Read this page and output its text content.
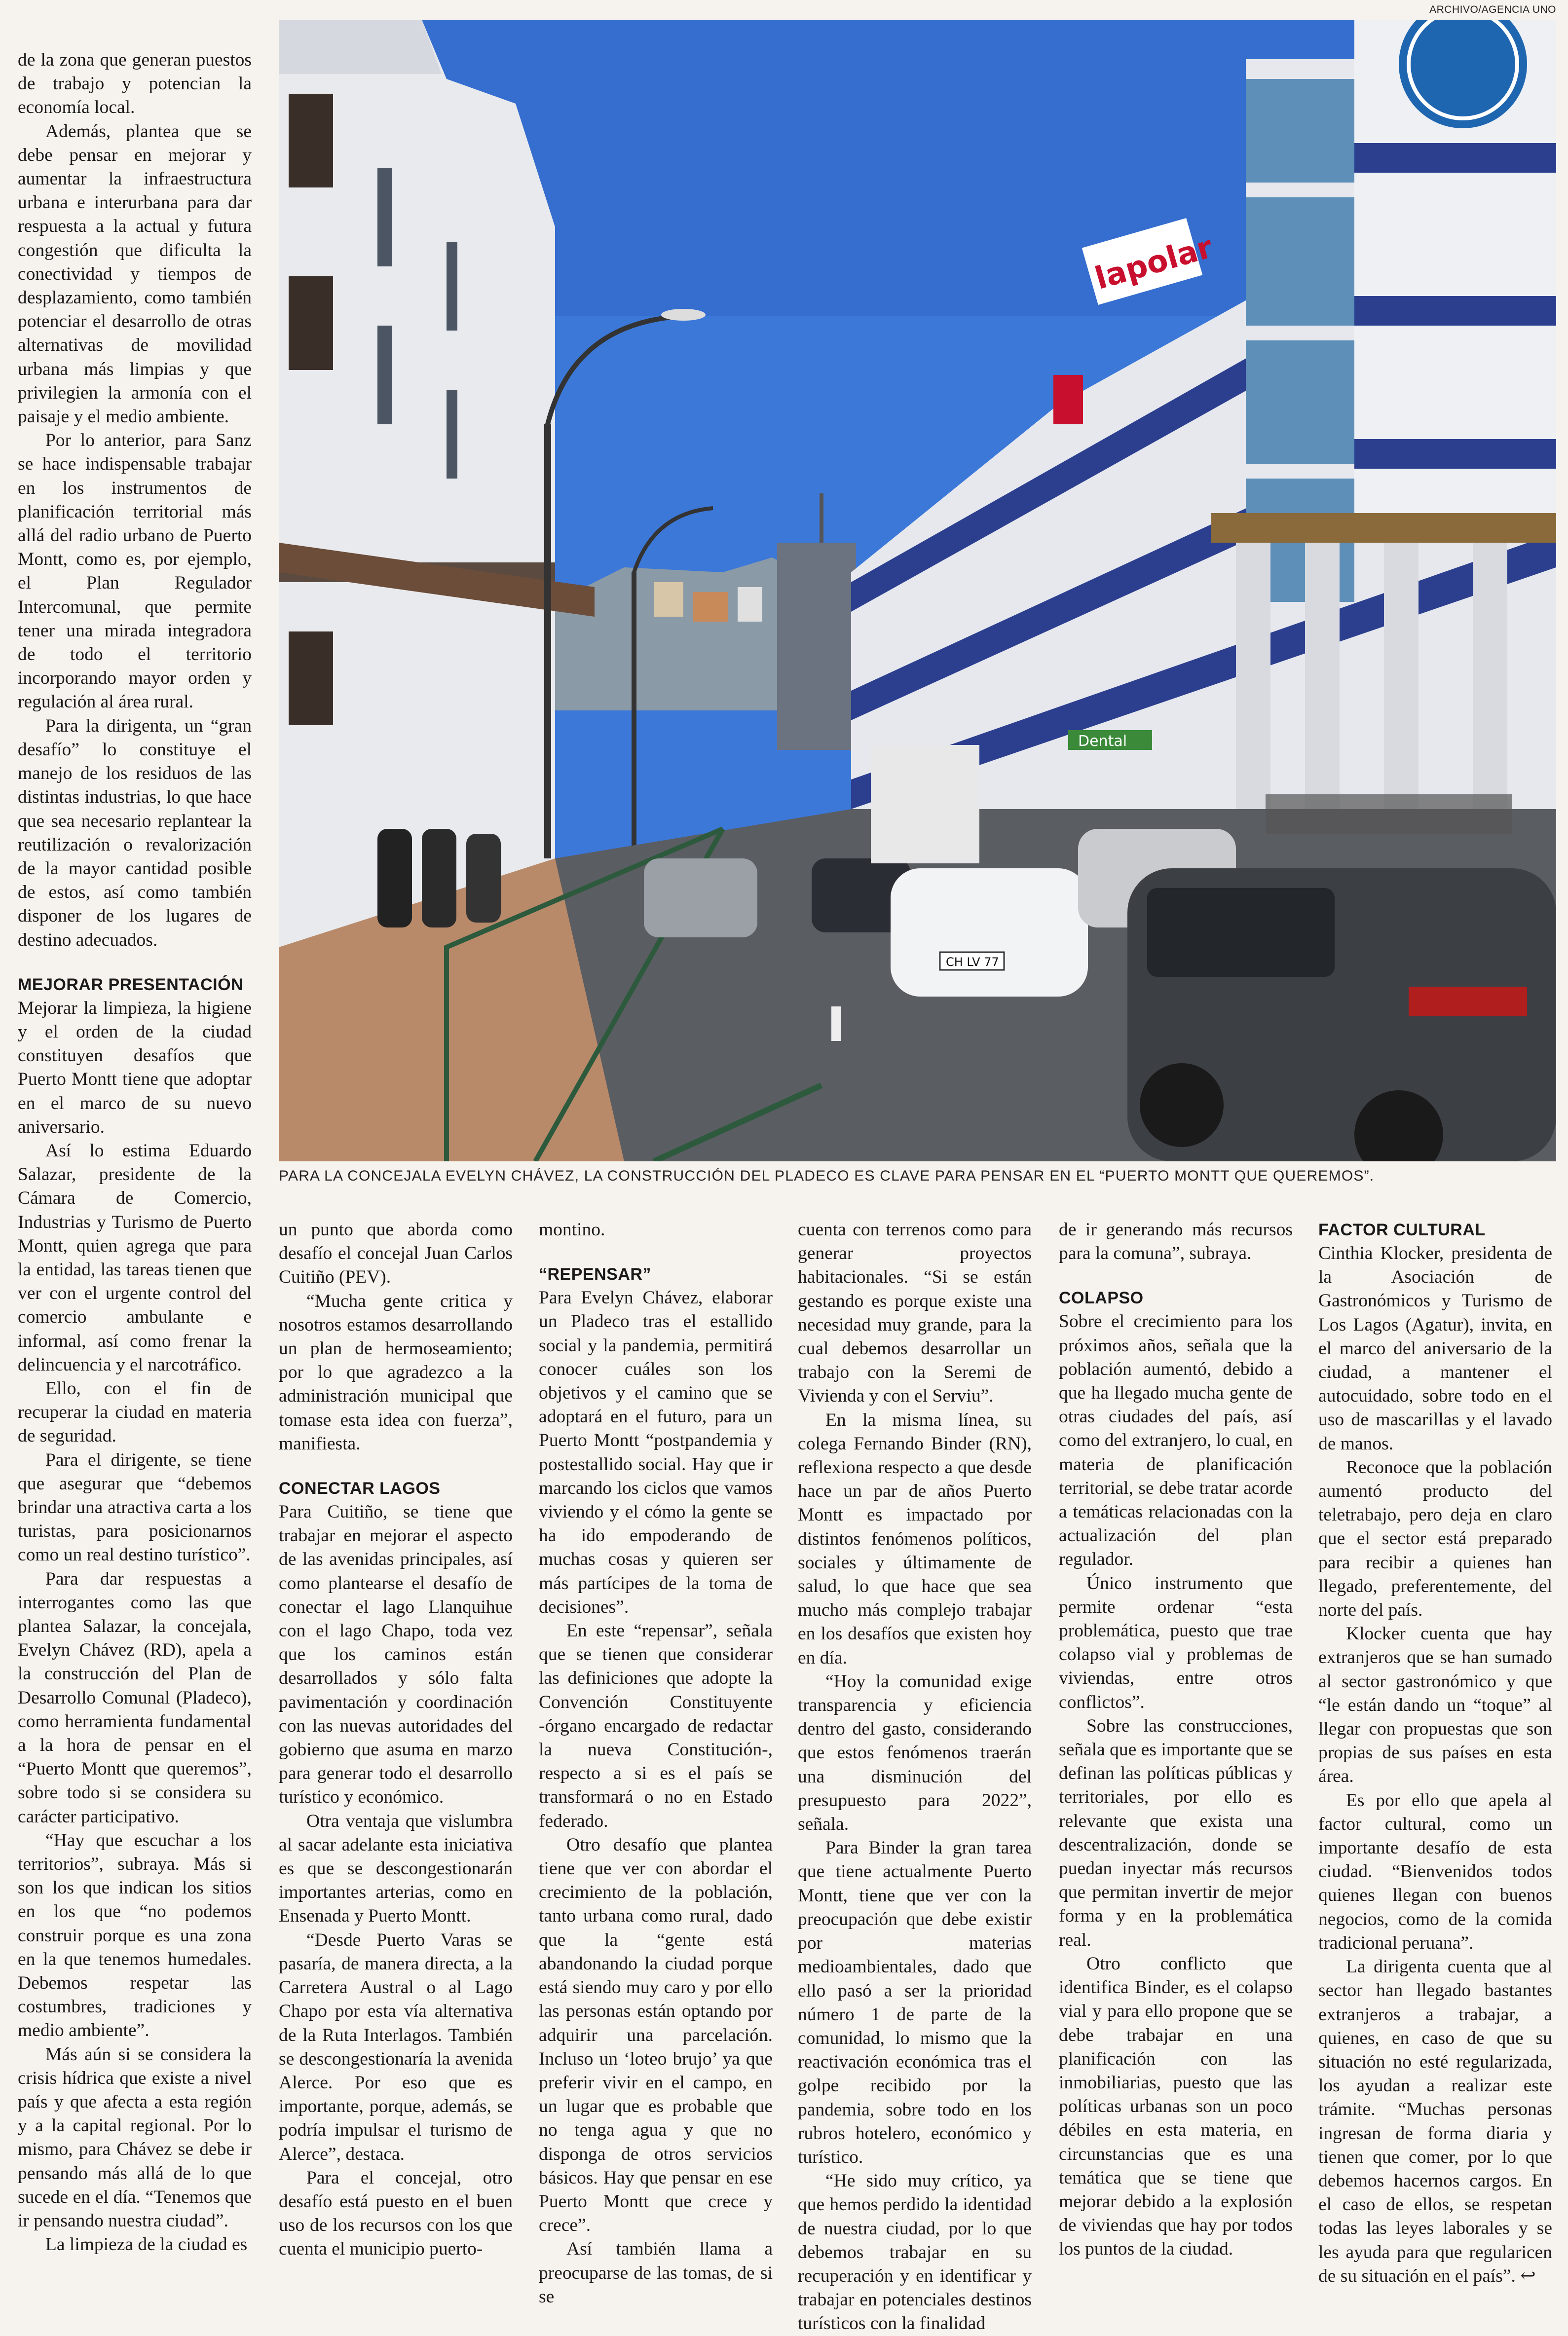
ARCHIVO/AGENCIA UNO
lapolar
Dental
CH LV 77
PARA LA CONCEJALA EVELYN CHÁVEZ, LA CONSTRUCCIÓN DEL PLADECO ES CLAVE PARA PENSAR EN EL “PUERTO MONTT QUE QUEREMOS”.

de la zona que generan puestos de trabajo y potencian la economía local.

Además, plantea que se debe pensar en mejorar y aumentar la infraestructura urbana e interurbana para dar respuesta a la actual y futura congestión que dificulta la conectividad y tiempos de desplazamiento, como también potenciar el desarrollo de otras alternativas de movilidad urbana más limpias y que privilegien la armonía con el paisaje y el medio ambiente.

Por lo anterior, para Sanz se hace indispensable trabajar en los instrumentos de planificación territorial más allá del radio urbano de Puerto Montt, como es, por ejemplo, el Plan Regulador Intercomunal, que permite tener una mirada integradora de todo el territorio incorporando mayor orden y regulación al área rural.

Para la dirigenta, un “gran desafío” lo constituye el manejo de los residuos de las distintas industrias, lo que hace que sea necesario replantear la reutilización o revalorización de la mayor cantidad posible de estos, así como también disponer de los lugares de destino adecuados.

MEJORAR PRESENTACIÓN

Mejorar la limpieza, la higiene y el orden de la ciudad constituyen desafíos que Puerto Montt tiene que adoptar en el marco de su nuevo aniversario.

Así lo estima Eduardo Salazar, presidente de la Cámara de Comercio, Industrias y Turismo de Puerto Montt, quien agrega que para la entidad, las tareas tienen que ver con el urgente control del comercio ambulante e informal, así como frenar la delincuencia y el narcotráfico.

Ello, con el fin de recuperar la ciudad en materia de seguridad.

Para el dirigente, se tiene que asegurar que “debemos brindar una atractiva carta a los turistas, para posicionarnos como un real destino turístico”.

Para dar respuestas a interrogantes como las que plantea Salazar, la concejala, Evelyn Chávez (RD), apela a la construcción del Plan de Desarrollo Comunal (Pladeco), como herramienta fundamental a la hora de pensar en el “Puerto Montt que queremos”, sobre todo si se considera su carácter participativo.

“Hay que escuchar a los territorios”, subraya. Más si son los que indican los sitios en los que “no podemos construir porque es una zona en la que tenemos humedales. Debemos respetar las costumbres, tradiciones y medio ambiente”.

Más aún si se considera la crisis hídrica que existe a nivel país y que afecta a esta región y a la capital regional. Por lo mismo, para Chávez se debe ir pensando más allá de lo que sucede en el día. “Tenemos que ir pensando nuestra ciudad”.

La limpieza de la ciudad es

un punto que aborda como desafío el concejal Juan Carlos Cuitiño (PEV).

“Mucha gente critica y nosotros estamos desarrollando un plan de hermoseamiento; por lo que agradezco a la administración municipal que tomase esta idea con fuerza”, manifiesta.

CONECTAR LAGOS

Para Cuitiño, se tiene que trabajar en mejorar el aspecto de las avenidas principales, así como plantearse el desafío de conectar el lago Llanquihue con el lago Chapo, toda vez que los caminos están desarrollados y sólo falta pavimentación y coordinación con las nuevas autoridades del gobierno que asuma en marzo para generar todo el desarrollo turístico y económico.

Otra ventaja que vislumbra al sacar adelante esta iniciativa es que se descongestionarán importantes arterias, como en Ensenada y Puerto Montt.

“Desde Puerto Varas se pasaría, de manera directa, a la Carretera Austral o al Lago Chapo por esta vía alternativa de la Ruta Interlagos. También se descongestionaría la avenida Alerce. Por eso que es importante, porque, además, se podría impulsar el turismo de Alerce”, destaca.

Para el concejal, otro desafío está puesto en el buen uso de los recursos con los que cuenta el municipio puerto-

montino.

“REPENSAR”

Para Evelyn Chávez, elaborar un Pladeco tras el estallido social y la pandemia, permitirá conocer cuáles son los objetivos y el camino que se adoptará en el futuro, para un Puerto Montt “postpandemia y postestallido social. Hay que ir marcando los ciclos que vamos viviendo y el cómo la gente se ha ido empoderando de muchas cosas y quieren ser más partícipes de la toma de decisiones”.

En este “repensar”, señala que se tienen que considerar las definiciones que adopte la Convención Constituyente -órgano encargado de redactar la nueva Constitución-, respecto a si es el país se transformará o no en Estado federado.

Otro desafío que plantea tiene que ver con abordar el crecimiento de la población, tanto urbana como rural, dado que la “gente está abandonando la ciudad porque está siendo muy caro y por ello las personas están optando por adquirir una parcelación. Incluso un ‘loteo brujo’ ya que preferir vivir en el campo, en un lugar que es probable que no tenga agua y que no disponga de otros servicios básicos. Hay que pensar en ese Puerto Montt que crece y crece”.

Así también llama a preocuparse de las tomas, de si se

cuenta con terrenos como para generar proyectos habitacionales. “Si se están gestando es porque existe una necesidad muy grande, para la cual debemos desarrollar un trabajo con la Seremi de Vivienda y con el Serviu”.

En la misma línea, su colega Fernando Binder (RN), reflexiona respecto a que desde hace un par de años Puerto Montt es impactado por distintos fenómenos políticos, sociales y últimamente de salud, lo que hace que sea mucho más complejo trabajar en los desafíos que existen hoy en día.

“Hoy la comunidad exige transparencia y eficiencia dentro del gasto, considerando que estos fenómenos traerán una disminución del presupuesto para 2022”, señala.

Para Binder la gran tarea que tiene actualmente Puerto Montt, tiene que ver con la preocupación que debe existir por materias medioambientales, dado que ello pasó a ser la prioridad número 1 de parte de la comunidad, lo mismo que la reactivación económica tras el golpe recibido por la pandemia, sobre todo en los rubros hotelero, económico y turístico.

“He sido muy crítico, ya que hemos perdido la identidad de nuestra ciudad, por lo que debemos trabajar en su recuperación y en identificar y trabajar en potenciales destinos turísticos con la finalidad

de ir generando más recursos para la comuna”, subraya.

COLAPSO

Sobre el crecimiento para los próximos años, señala que la población aumentó, debido a que ha llegado mucha gente de otras ciudades del país, así como del extranjero, lo cual, en materia de planificación territorial, se debe tratar acorde a temáticas relacionadas con la actualización del plan regulador.

Único instrumento que permite ordenar “esta problemática, puesto que trae colapso vial y problemas de viviendas, entre otros conflictos”.

Sobre las construcciones, señala que es importante que se definan las políticas públicas y territoriales, por ello es relevante que exista una descentralización, donde se puedan inyectar más recursos que permitan invertir de mejor forma y en la problemática real.

Otro conflicto que identifica Binder, es el colapso vial y para ello propone que se debe trabajar en una planificación con las inmobiliarias, puesto que las políticas urbanas son un poco débiles en esta materia, en circunstancias que es una temática que se tiene que mejorar debido a la explosión de viviendas que hay por todos los puntos de la ciudad.

FACTOR CULTURAL

Cinthia Klocker, presidenta de la Asociación de Gastronómicos y Turismo de Los Lagos (Agatur), invita, en el marco del aniversario de la ciudad, a mantener el autocuidado, sobre todo en el uso de mascarillas y el lavado de manos.

Reconoce que la población aumentó producto del teletrabajo, pero deja en claro que el sector está preparado para recibir a quienes han llegado, preferentemente, del norte del país.

Klocker cuenta que hay extranjeros que se han sumado al sector gastronómico y que “le están dando un “toque” al llegar con propuestas que son propias de sus países en esta área.

Es por ello que apela al factor cultural, como un importante desafío de esta ciudad. “Bienvenidos todos quienes llegan con buenos negocios, como de la comida tradicional peruana”.

La dirigenta cuenta que al sector han llegado bastantes extranjeros a trabajar, a quienes, en caso de que su situación no esté regularizada, los ayudan a realizar este trámite. “Muchas personas ingresan de forma diaria y tienen que comer, por lo que debemos hacernos cargos. En el caso de ellos, se respetan todas las leyes laborales y se les ayuda para que regularicen de su situación en el país”. ↩
